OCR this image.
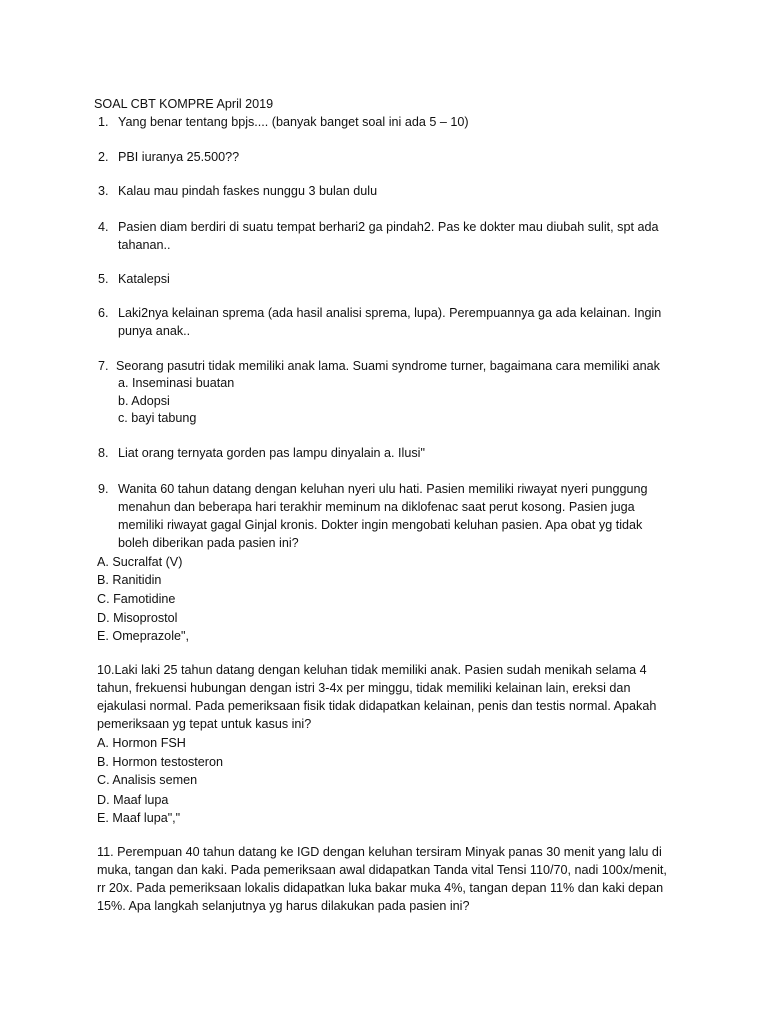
SOAL CBT KOMPRE April 2019
1. Yang benar tentang bpjs.... (banyak banget soal ini ada 5 – 10)
2. PBI iuranya 25.500??
3. Kalau mau pindah faskes nunggu 3 bulan dulu
4. Pasien diam berdiri di suatu tempat berhari2 ga pindah2. Pas ke dokter mau diubah sulit, spt ada tahanan..
5. Katalepsi
6. Laki2nya kelainan sprema (ada hasil analisi sprema, lupa). Perempuannya ga ada kelainan. Ingin punya anak..
7. Seorang pasutri tidak memiliki anak lama. Suami syndrome turner, bagaimana cara memiliki anak
a. Inseminasi buatan
b. Adopsi
c. bayi tabung
8. Liat orang ternyata gorden pas lampu dinyalain a. Ilusi"
9. Wanita 60 tahun datang dengan keluhan nyeri ulu hati. Pasien memiliki riwayat nyeri punggung menahun dan beberapa hari terakhir meminum na diklofenac saat perut kosong. Pasien juga memiliki riwayat gagal Ginjal kronis. Dokter ingin mengobati keluhan pasien. Apa obat yg tidak boleh diberikan pada pasien ini?
A. Sucralfat (V)
B. Ranitidin
C. Famotidine
D. Misoprostol
E. Omeprazole",
10.Laki laki 25 tahun datang dengan keluhan tidak memiliki anak. Pasien sudah menikah selama 4 tahun, frekuensi hubungan dengan istri 3-4x per minggu, tidak memiliki kelainan lain, ereksi dan ejakulasi normal. Pada pemeriksaan fisik tidak didapatkan kelainan, penis dan testis normal. Apakah pemeriksaan yg tepat untuk kasus ini?
A. Hormon FSH
B. Hormon testosteron
C. Analisis semen
D. Maaf lupa
E. Maaf lupa","
11. Perempuan 40 tahun datang ke IGD dengan keluhan tersiram Minyak panas 30 menit yang lalu di muka, tangan dan kaki. Pada pemeriksaan awal didapatkan Tanda vital Tensi 110/70, nadi 100x/menit, rr 20x. Pada pemeriksaan lokalis didapatkan luka bakar muka 4%, tangan depan 11% dan kaki depan 15%. Apa langkah selanjutnya yg harus dilakukan pada pasien ini?
